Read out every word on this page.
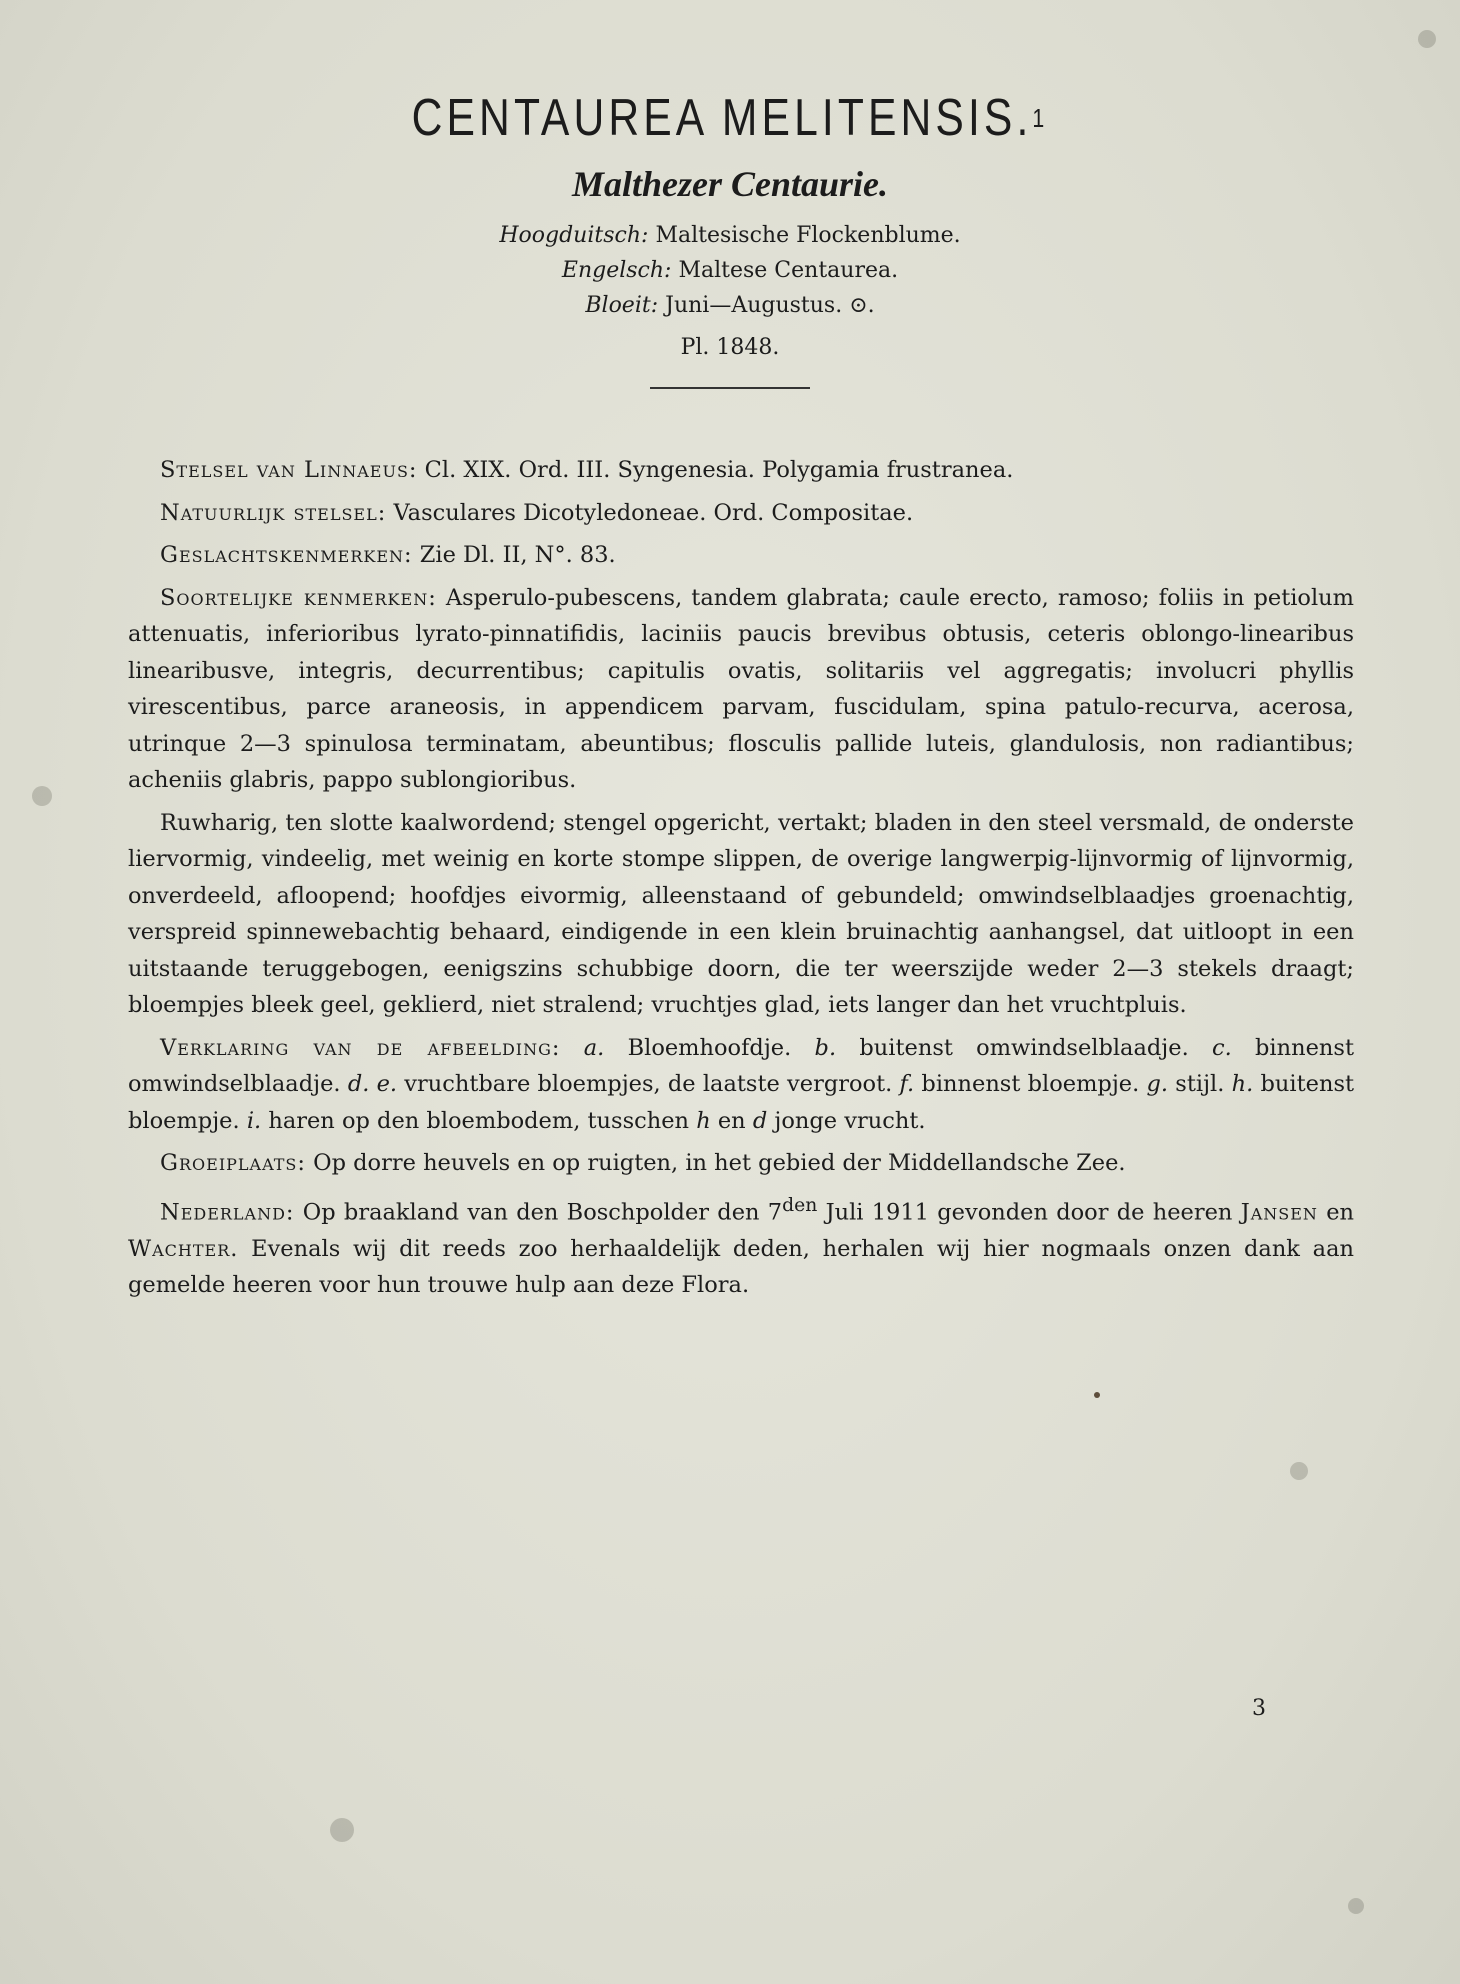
CENTAUREA MELITENSIS.$^1$
Malthezer Centaurie.
Hoogduitsch: Maltesische Flockenblume.
Engelsch: Maltese Centaurea.
Bloeit: Juni—Augustus. ⊙.
Pl. 1848.

Stelsel van Linnaeus: Cl. XIX. Ord. III. Syngenesia. Polygamia frustranea.

Natuurlijk stelsel: Vasculares Dicotyledoneae. Ord. Compositae.

Geslachtskenmerken: Zie Dl. II, N°. 83.

Soortelijke kenmerken: Asperulo-pubescens, tandem glabrata; caule erecto, ramoso; foliis in petiolum attenuatis, inferioribus lyrato-pinnatifidis, laciniis paucis brevibus obtusis, ceteris oblongo-linearibus linearibusve, integris, decurrentibus; capitulis ovatis, solitariis vel aggregatis; involucri phyllis virescentibus, parce araneosis, in appendicem parvam, fuscidulam, spina patulo-recurva, acerosa, utrinque 2—3 spinulosa terminatam, abeuntibus; flosculis pallide luteis, glandulosis, non radiantibus; acheniis glabris, pappo sublongioribus.

Ruwharig, ten slotte kaalwordend; stengel opgericht, vertakt; bladen in den steel versmald, de onderste liervormig, vindeelig, met weinig en korte stompe slippen, de overige langwerpig-lijnvormig of lijnvormig, onverdeeld, afloopend; hoofdjes eivormig, alleenstaand of gebundeld; omwindselblaadjes groenachtig, verspreid spinnewebachtig behaard, eindigende in een klein bruinachtig aanhangsel, dat uitloopt in een uitstaande teruggebogen, eenigszins schubbige doorn, die ter weerszijde weder 2—3 stekels draagt; bloempjes bleek geel, geklierd, niet stralend; vruchtjes glad, iets langer dan het vruchtpluis.

Verklaring van de afbeelding: a. Bloemhoofdje. b. buitenst omwindselblaadje. c. binnenst omwindselblaadje. d. e. vruchtbare bloempjes, de laatste vergroot. f. binnenst bloempje. g. stijl. h. buitenst bloempje. i. haren op den bloembodem, tusschen h en d jonge vrucht.

Groeiplaats: Op dorre heuvels en op ruigten, in het gebied der Middellandsche Zee.

Nederland: Op braakland van den Boschpolder den $7^{den}$ Juli 1911 gevonden door de heeren Jansen en Wachter. Evenals wij dit reeds zoo herhaaldelijk deden, herhalen wij hier nogmaals onzen dank aan gemelde heeren voor hun trouwe hulp aan deze Flora.

3
